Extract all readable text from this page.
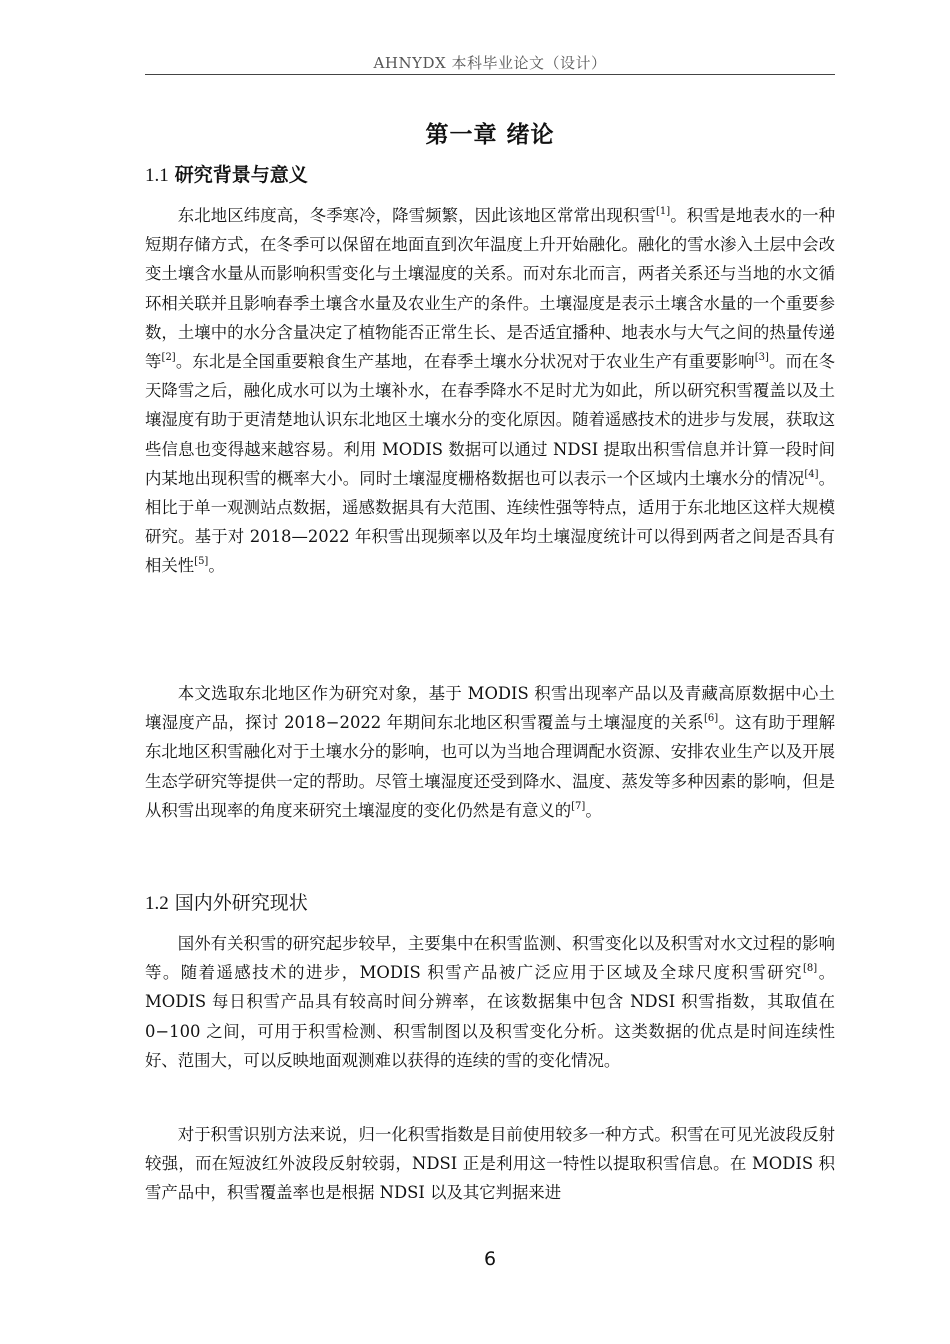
AHNYDX 本科毕业论文（设计）
第一章 绪论
1.1 研究背景与意义

东北地区纬度高，冬季寒冷，降雪频繁，因此该地区常常出现积雪[1]。积雪是地表水的一种短期存储方式，在冬季可以保留在地面直到次年温度上升开始融化。融化的雪水渗入土层中会改变土壤含水量从而影响积雪变化与土壤湿度的关系。而对东北而言，两者关系还与当地的水文循环相关联并且影响春季土壤含水量及农业生产的条件。土壤湿度是表示土壤含水量的一个重要参数，土壤中的水分含量决定了植物能否正常生长、是否适宜播种、地表水与大气之间的热量传递等[2]。东北是全国重要粮食生产基地，在春季土壤水分状况对于农业生产有重要影响[3]。而在冬天降雪之后，融化成水可以为土壤补水，在春季降水不足时尤为如此，所以研究积雪覆盖以及土壤湿度有助于更清楚地认识东北地区土壤水分的变化原因。随着遥感技术的进步与发展，获取这些信息也变得越来越容易。利用 MODIS 数据可以通过 NDSI 提取出积雪信息并计算一段时间内某地出现积雪的概率大小。同时土壤湿度栅格数据也可以表示一个区域内土壤水分的情况[4]。相比于单一观测站点数据，遥感数据具有大范围、连续性强等特点，适用于东北地区这样大规模研究。基于对 2018—2022 年积雪出现频率以及年均土壤湿度统计可以得到两者之间是否具有相关性[5]。

本文选取东北地区作为研究对象，基于 MODIS 积雪出现率产品以及青藏高原数据中心土壤湿度产品，探讨 2018−2022 年期间东北地区积雪覆盖与土壤湿度的关系[6]。这有助于理解东北地区积雪融化对于土壤水分的影响，也可以为当地合理调配水资源、安排农业生产以及开展生态学研究等提供一定的帮助。尽管土壤湿度还受到降水、温度、蒸发等多种因素的影响，但是从积雪出现率的角度来研究土壤湿度的变化仍然是有意义的[7]。

1.2 国内外研究现状

国外有关积雪的研究起步较早，主要集中在积雪监测、积雪变化以及积雪对水文过程的影响等。随着遥感技术的进步，MODIS 积雪产品被广泛应用于区域及全球尺度积雪研究[8]。MODIS 每日积雪产品具有较高时间分辨率，在该数据集中包含 NDSI 积雪指数，其取值在 0−100 之间，可用于积雪检测、积雪制图以及积雪变化分析。这类数据的优点是时间连续性好、范围大，可以反映地面观测难以获得的连续的雪的变化情况。

对于积雪识别方法来说，归一化积雪指数是目前使用较多一种方式。积雪在可见光波段反射较强，而在短波红外波段反射较弱，NDSI 正是利用这一特性以提取积雪信息。在 MODIS 积雪产品中，积雪覆盖率也是根据 NDSI 以及其它判据来进

6
